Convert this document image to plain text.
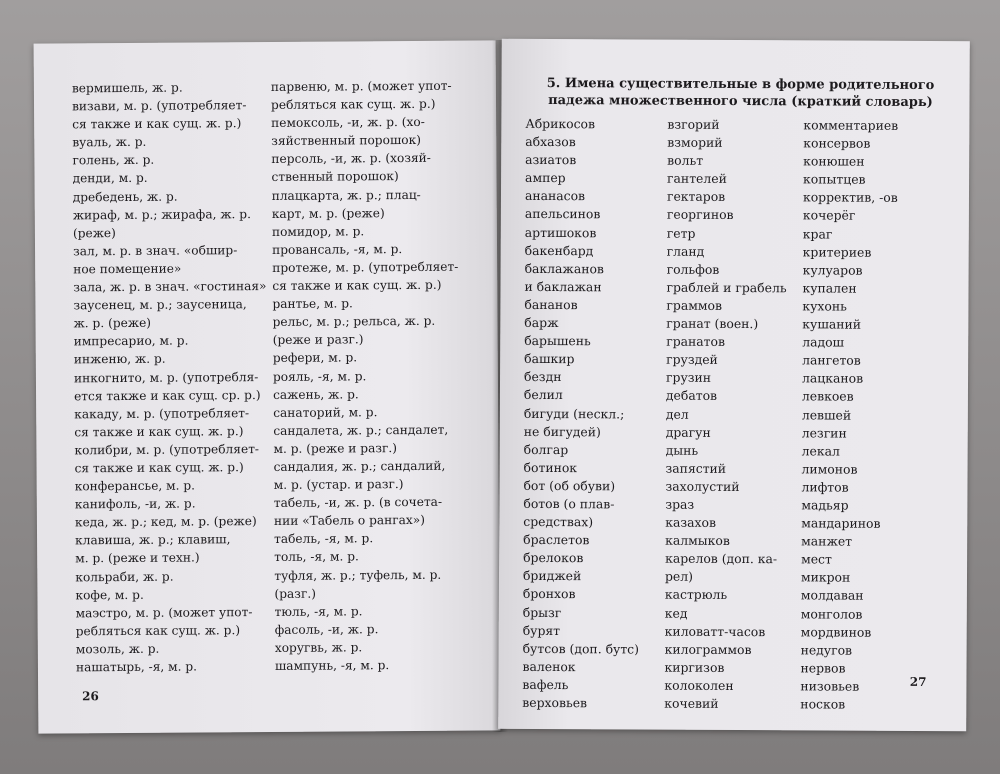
вермишель, ж. р.
визави, м. р. (употребляет-
ся также и как сущ. ж. р.)
вуаль, ж. р.
голень, ж. р.
денди, м. р.
дребедень, ж. р.
жираф, м. р.; жирафа, ж. р.
(реже)
зал, м. р. в знач. «обшир-
ное помещение»
зала, ж. р. в знач. «гостиная»
заусенец, м. р.; заусеница,
ж. р. (реже)
импресарио, м. р.
инженю, ж. р.
инкогнито, м. р. (употребля-
ется также и как сущ. ср. р.)
какаду, м. р. (употребляет-
ся также и как сущ. ж. р.)
колибри, м. р. (употребляет-
ся также и как сущ. ж. р.)
конферансье, м. р.
канифоль, -и, ж. р.
кеда, ж. р.; кед, м. р. (реже)
клавиша, ж. р.; клавиш,
м. р. (реже и техн.)
кольраби, ж. р.
кофе, м. р.
маэстро, м. р. (может упот-
ребляться как сущ. ж. р.)
мозоль, ж. р.
нашатырь, -я, м. р.
парвеню, м. р. (может упот-
ребляться как сущ. ж. р.)
пемоксоль, -и, ж. р. (хо-
зяйственный порошок)
персоль, -и, ж. р. (хозяй-
ственный порошок)
плацкарта, ж. р.; плац-
карт, м. р. (реже)
помидор, м. р.
провансаль, -я, м. р.
протеже, м. р. (употребляет-
ся также и как сущ. ж. р.)
рантье, м. р.
рельс, м. р.; рельса, ж. р.
(реже и разг.)
рефери, м. р.
рояль, -я, м. р.
сажень, ж. р.
санаторий, м. р.
сандалета, ж. р.; сандалет,
м. р. (реже и разг.)
сандалия, ж. р.; сандалий,
м. р. (устар. и разг.)
табель, -и, ж. р. (в сочета-
нии «Табель о рангах»)
табель, -я, м. р.
толь, -я, м. р.
туфля, ж. р.; туфель, м. р.
(разг.)
тюль, -я, м. р.
фасоль, -и, ж. р.
хоругвь, ж. р.
шампунь, -я, м. р.
26
5. Имена существительные в форме родительного
падежа множественного числа (краткий словарь)
Абрикосов
абхазов
азиатов
ампер
ананасов
апельсинов
артишоков
бакенбард
баклажанов
и баклажан
бананов
барж
барышень
башкир
бездн
белил
бигуди (нескл.;
не бигудей)
болгар
ботинок
бот (об обуви)
ботов (о плав-
средствах)
браслетов
брелоков
бриджей
бронхов
брызг
бурят
бутсов (доп. бутс)
валенок
вафель
верховьев
взгорий
взморий
вольт
гантелей
гектаров
георгинов
гетр
гланд
гольфов
граблей и грабель
граммов
гранат (воен.)
гранатов
груздей
грузин
дебатов
дел
драгун
дынь
запястий
захолустий
зраз
казахов
калмыков
карелов (доп. ка-
рел)
кастрюль
кед
киловатт-часов
килограммов
киргизов
колоколен
кочевий
комментариев
консервов
конюшен
копытцев
корректив, -ов
кочерёг
краг
критериев
кулуаров
купален
кухонь
кушаний
ладош
лангетов
лацканов
левкоев
левшей
лезгин
лекал
лимонов
лифтов
мадьяр
мандаринов
манжет
мест
микрон
молдаван
монголов
мордвинов
недугов
нервов
низовьев
носков
27
